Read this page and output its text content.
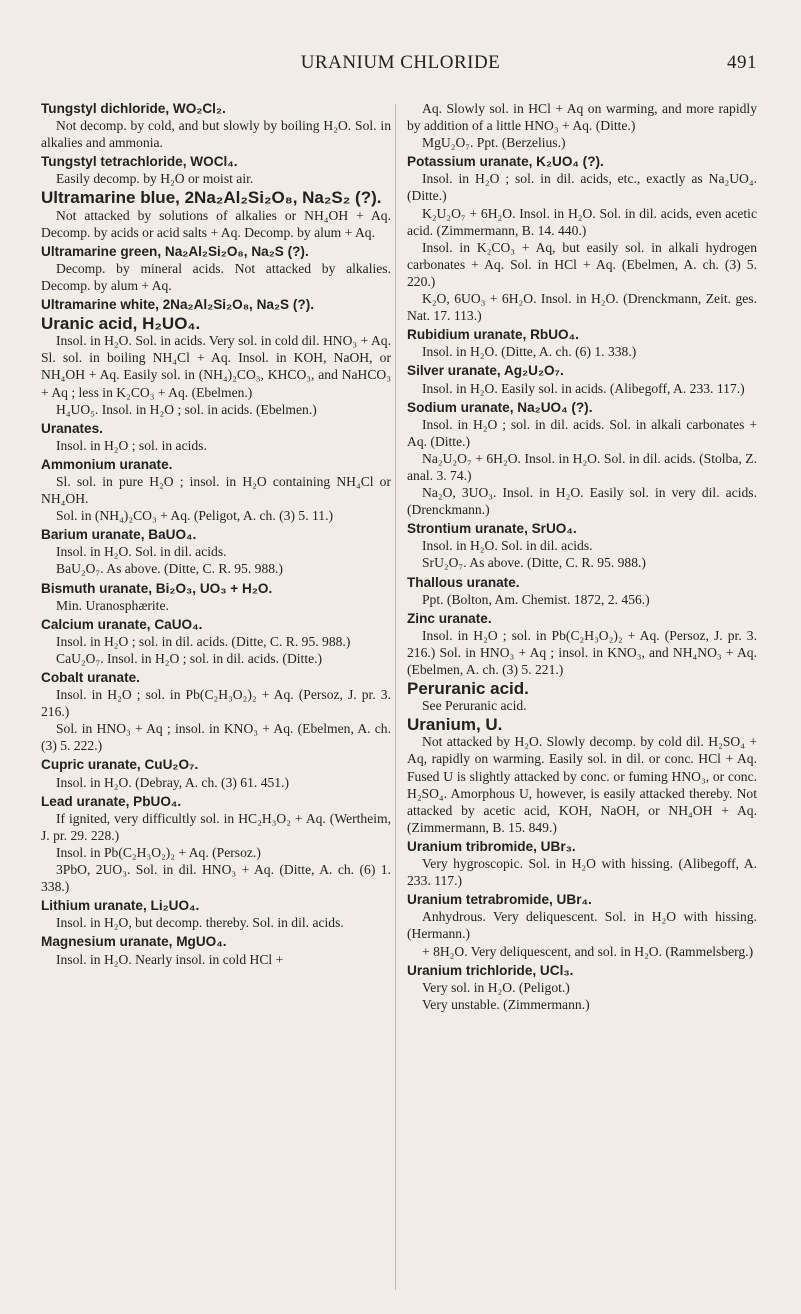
URANIUM CHLORIDE	491
Tungstyl dichloride, WO₂Cl₂.

Not decomp. by cold, and but slowly by boiling H₂O. Sol. in alkalies and ammonia.

Tungstyl tetrachloride, WOCl₄.

Easily decomp. by H₂O or moist air.

Ultramarine blue, 2Na₂Al₂Si₂O₈, Na₂S₂ (?).

Not attacked by solutions of alkalies or NH₄OH + Aq. Decomp. by acids or acid salts + Aq. Decomp. by alum + Aq.

Ultramarine green, Na₂Al₂Si₂O₈, Na₂S (?).

Decomp. by mineral acids. Not attacked by alkalies. Decomp. by alum + Aq.

Ultramarine white, 2Na₂Al₂Si₂O₈, Na₂S (?).
Uranic acid, H₂UO₄.

Insol. in H₂O. Sol. in acids. Very sol. in cold dil. HNO₃ + Aq. Sl. sol. in boiling NH₄Cl + Aq. Insol. in KOH, NaOH, or NH₄OH + Aq. Easily sol. in (NH₄)₂CO₃, KHCO₃, and NaHCO₃ + Aq ; less in K₂CO₃ + Aq. (Ebelmen.)

H₄UO₅. Insol. in H₂O ; sol. in acids. (Ebelmen.)

Uranates.

Insol. in H₂O ; sol. in acids.

Ammonium uranate.

Sl. sol. in pure H₂O ; insol. in H₂O containing NH₄Cl or NH₄OH.

Sol. in (NH₄)₂CO₃ + Aq. (Peligot, A. ch. (3) 5. 11.)

Barium uranate, BaUO₄.

Insol. in H₂O. Sol. in dil. acids.

BaU₂O₇. As above. (Ditte, C. R. 95. 988.)

Bismuth uranate, Bi₂O₃, UO₃ + H₂O.

Min. Uranosphærite.

Calcium uranate, CaUO₄.

Insol. in H₂O ; sol. in dil. acids. (Ditte, C. R. 95. 988.)

CaU₂O₇. Insol. in H₂O ; sol. in dil. acids. (Ditte.)

Cobalt uranate.

Insol. in H₂O ; sol. in Pb(C₂H₃O₂)₂ + Aq. (Persoz, J. pr. 3. 216.)

Sol. in HNO₃ + Aq ; insol. in KNO₃ + Aq. (Ebelmen, A. ch. (3) 5. 222.)

Cupric uranate, CuU₂O₇.

Insol. in H₂O. (Debray, A. ch. (3) 61. 451.)

Lead uranate, PbUO₄.

If ignited, very difficultly sol. in HC₂H₃O₂ + Aq. (Wertheim, J. pr. 29. 228.)

Insol. in Pb(C₂H₃O₂)₂ + Aq. (Persoz.)

3PbO, 2UO₃. Sol. in dil. HNO₃ + Aq. (Ditte, A. ch. (6) 1. 338.)

Lithium uranate, Li₂UO₄.

Insol. in H₂O, but decomp. thereby. Sol. in dil. acids.

Magnesium uranate, MgUO₄.

Insol. in H₂O. Nearly insol. in cold HCl +

Aq. Slowly sol. in HCl + Aq on warming, and more rapidly by addition of a little HNO₃ + Aq. (Ditte.)

MgU₂O₇. Ppt. (Berzelius.)

Potassium uranate, K₂UO₄ (?).

Insol. in H₂O ; sol. in dil. acids, etc., exactly as Na₂UO₄. (Ditte.)

K₂U₂O₇ + 6H₂O. Insol. in H₂O. Sol. in dil. acids, even acetic acid. (Zimmermann, B. 14. 440.)

Insol. in K₂CO₃ + Aq, but easily sol. in alkali hydrogen carbonates + Aq. Sol. in HCl + Aq. (Ebelmen, A. ch. (3) 5. 220.)

K₂O, 6UO₃ + 6H₂O. Insol. in H₂O. (Drenckmann, Zeit. ges. Nat. 17. 113.)

Rubidium uranate, RbUO₄.

Insol. in H₂O. (Ditte, A. ch. (6) 1. 338.)

Silver uranate, Ag₂U₂O₇.

Insol. in H₂O. Easily sol. in acids. (Alibegoff, A. 233. 117.)

Sodium uranate, Na₂UO₄ (?).

Insol. in H₂O ; sol. in dil. acids. Sol. in alkali carbonates + Aq. (Ditte.)

Na₂U₂O₇ + 6H₂O. Insol. in H₂O. Sol. in dil. acids. (Stolba, Z. anal. 3. 74.)

Na₂O, 3UO₃. Insol. in H₂O. Easily sol. in very dil. acids. (Drenckmann.)

Strontium uranate, SrUO₄.

Insol. in H₂O. Sol. in dil. acids.

SrU₂O₇. As above. (Ditte, C. R. 95. 988.)

Thallous uranate.

Ppt. (Bolton, Am. Chemist. 1872, 2. 456.)

Zinc uranate.

Insol. in H₂O ; sol. in Pb(C₂H₃O₂)₂ + Aq. (Persoz, J. pr. 3. 216.) Sol. in HNO₃ + Aq ; insol. in KNO₃, and NH₄NO₃ + Aq. (Ebelmen, A. ch. (3) 5. 221.)

Peruranic acid.

See Peruranic acid.

Uranium, U.

Not attacked by H₂O. Slowly decomp. by cold dil. H₂SO₄ + Aq, rapidly on warming. Easily sol. in dil. or conc. HCl + Aq. Fused U is slightly attacked by conc. or fuming HNO₃, or conc. H₂SO₄. Amorphous U, however, is easily attacked thereby. Not attacked by acetic acid, KOH, NaOH, or NH₄OH + Aq. (Zimmermann, B. 15. 849.)

Uranium tribromide, UBr₃.

Very hygroscopic. Sol. in H₂O with hissing. (Alibegoff, A. 233. 117.)

Uranium tetrabromide, UBr₄.

Anhydrous. Very deliquescent. Sol. in H₂O with hissing. (Hermann.)

+ 8H₂O. Very deliquescent, and sol. in H₂O. (Rammelsberg.)

Uranium trichloride, UCl₃.

Very sol. in H₂O. (Peligot.)

Very unstable. (Zimmermann.)
